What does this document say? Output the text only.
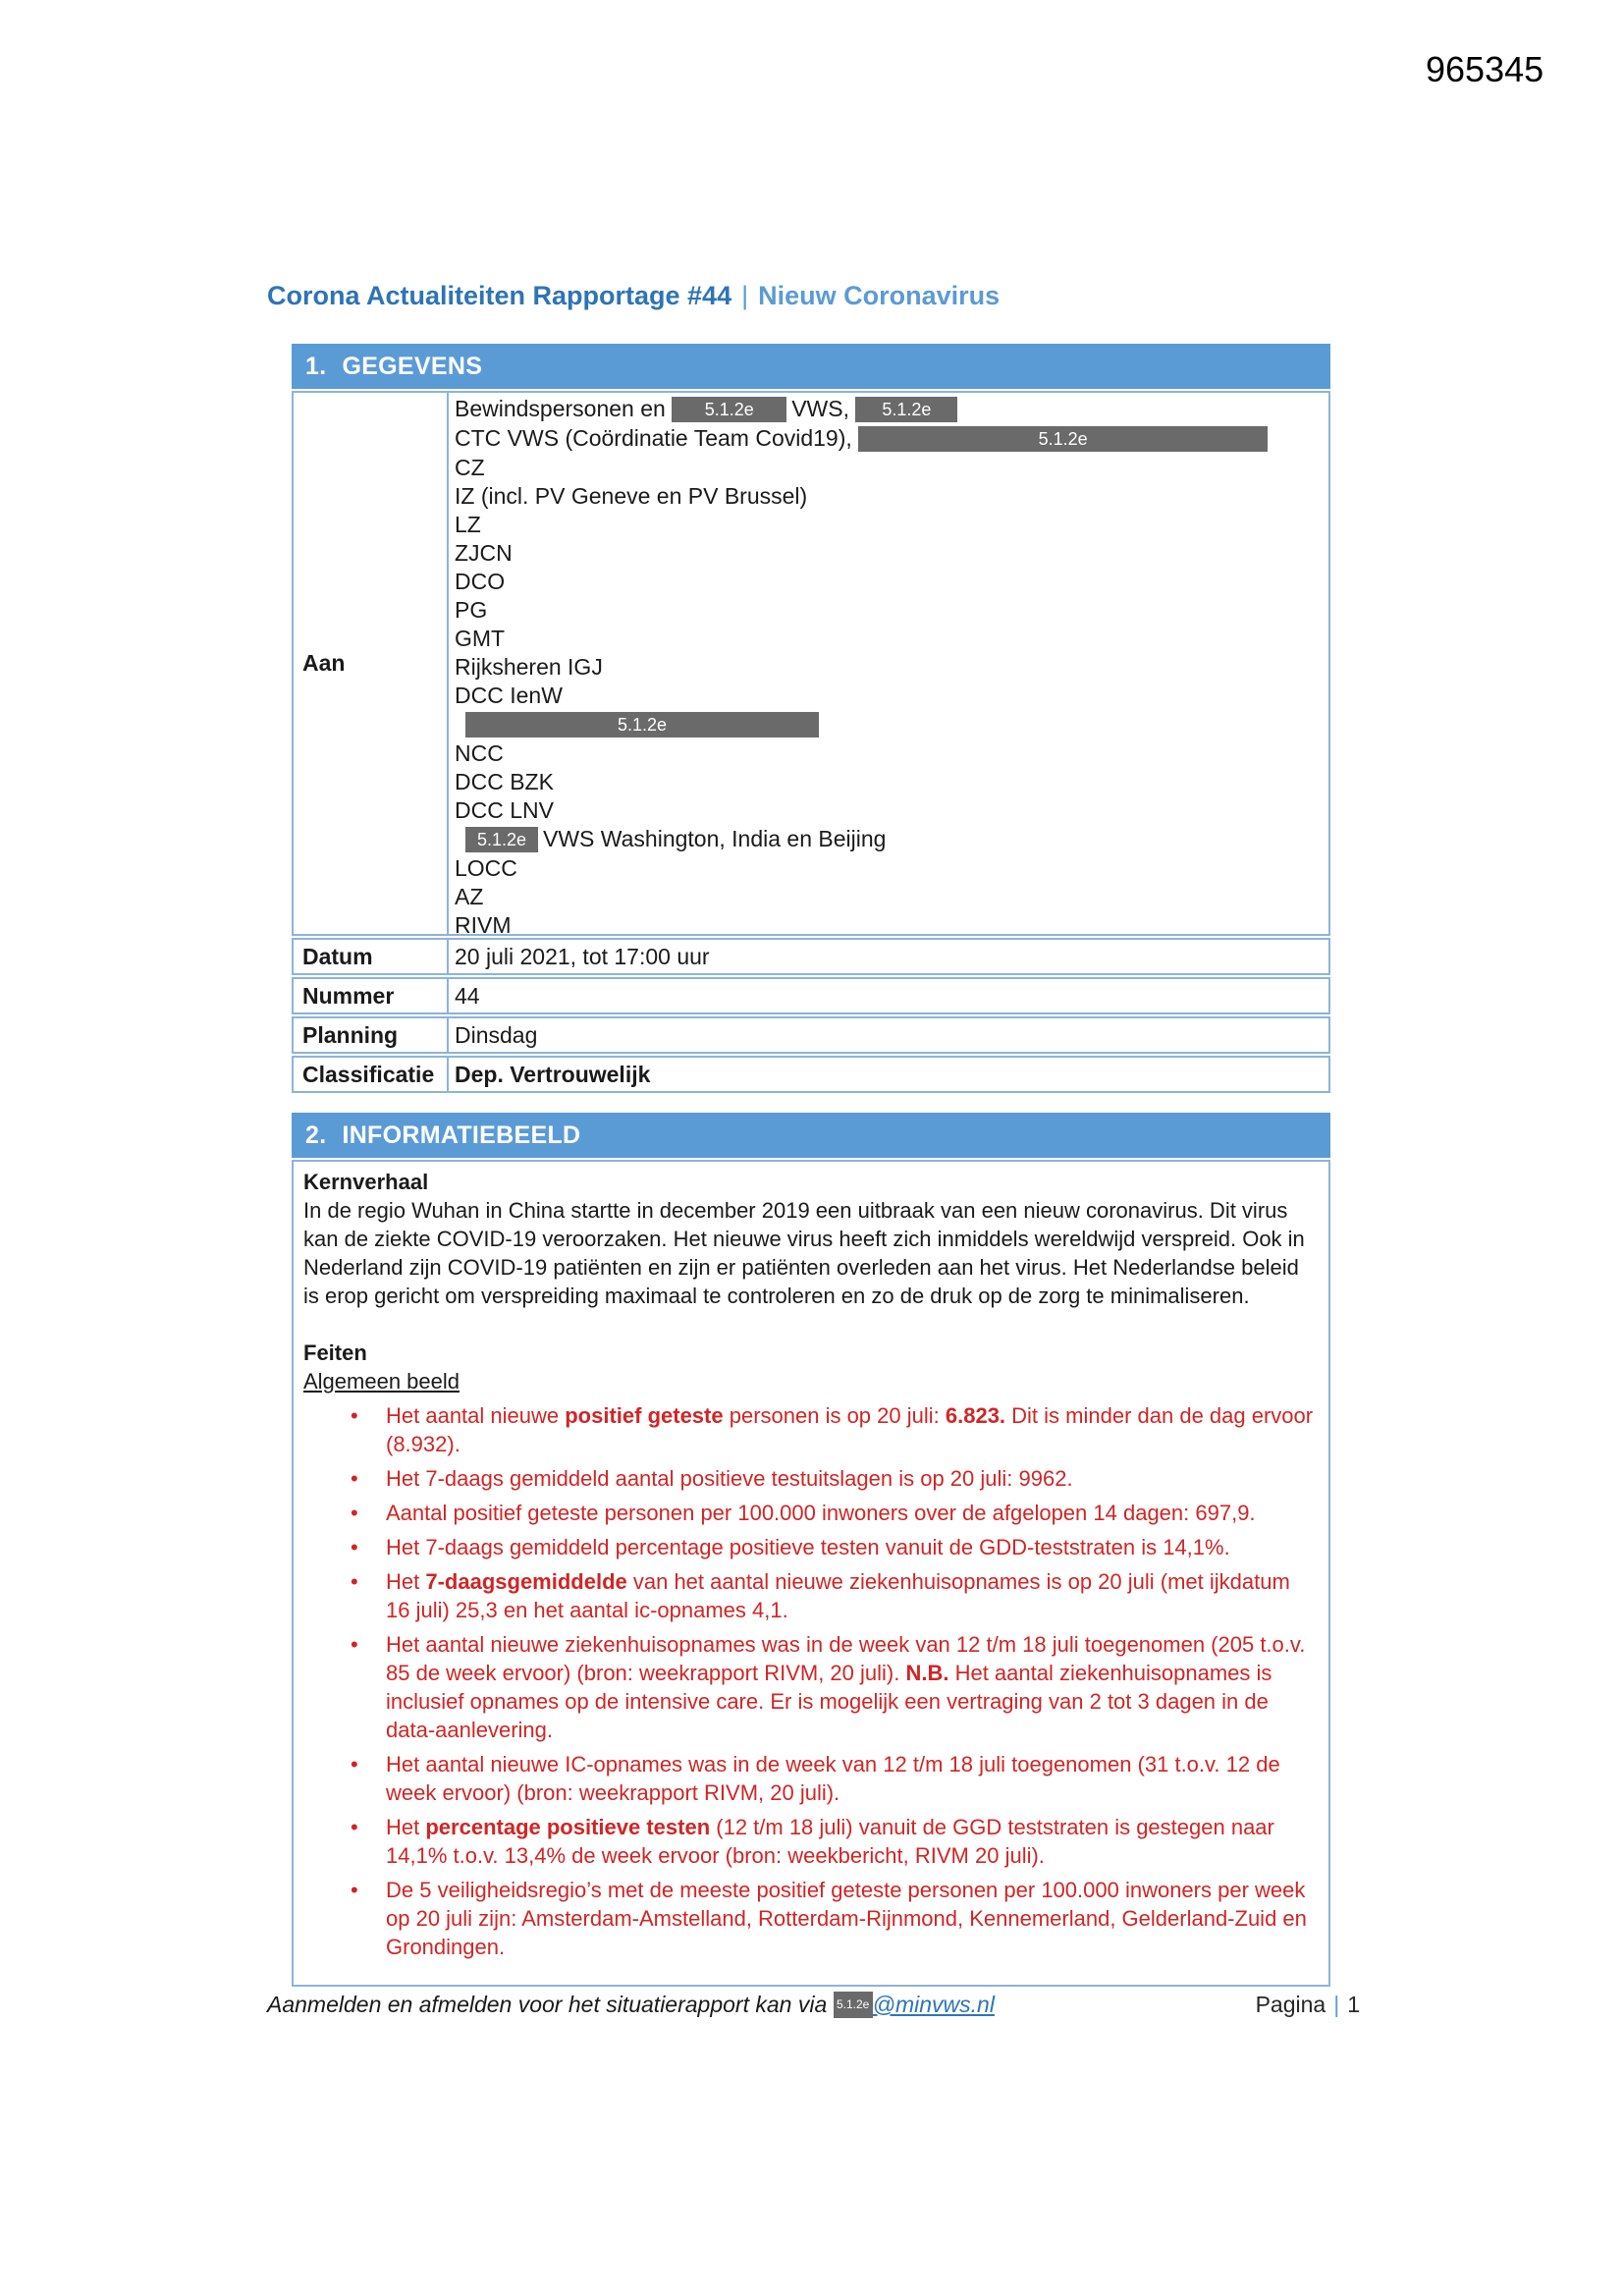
965345
Corona Actualiteiten Rapportage #44 | Nieuw Coronavirus
1. GEGEVENS
Aan
Bewindspersonen en 5.1.2e VWS, 5.1.2e
CTC VWS (Coördinatie Team Covid19),	5.1.2e
CZ
IZ (incl. PV Geneve en PV Brussel)
LZ
ZJCN
DCO
PG
GMT
Rijksheren IGJ
DCC IenW
5.1.2e
NCC
DCC BZK
DCC LNV
5.1.2e VWS Washington, India en Beijing
LOCC
AZ
RIVM
Datum	20 juli 2021, tot 17:00 uur
Nummer	44
Planning	Dinsdag
Classificatie Dep. Vertrouwelijk
2. INFORMATIEBEELD
Kernverhaal
In de regio Wuhan in China startte in december 2019 een uitbraak van een nieuw coronavirus. Dit virus kan de ziekte COVID-19 veroorzaken. Het nieuwe virus heeft zich inmiddels wereldwijd verspreid. Ook in Nederland zijn COVID-19 patiënten en zijn er patiënten overleden aan het virus. Het Nederlandse beleid is erop gericht om verspreiding maximaal te controleren en zo de druk op de zorg te minimaliseren.
Feiten
Algemeen beeld
•	Het aantal nieuwe positief geteste personen is op 20 juli: 6.823. Dit is minder dan de dag ervoor (8.932).
•	Het 7-daags gemiddeld aantal positieve testuitslagen is op 20 juli: 9962.
•	Aantal positief geteste personen per 100.000 inwoners over de afgelopen 14 dagen: 697,9.
•	Het 7-daags gemiddeld percentage positieve testen vanuit de GDD-teststraten is 14,1%.
•	Het 7-daagsgemiddelde van het aantal nieuwe ziekenhuisopnames is op 20 juli (met ijkdatum 16 juli) 25,3 en het aantal ic-opnames 4,1.
•	Het aantal nieuwe ziekenhuisopnames was in de week van 12 t/m 18 juli toegenomen (205 t.o.v. 85 de week ervoor) (bron: weekrapport RIVM, 20 juli). N.B. Het aantal ziekenhuisopnames is inclusief opnames op de intensive care. Er is mogelijk een vertraging van 2 tot 3 dagen in de data-aanlevering.
•	Het aantal nieuwe IC-opnames was in de week van 12 t/m 18 juli toegenomen (31 t.o.v. 12 de week ervoor) (bron: weekrapport RIVM, 20 juli).
•	Het percentage positieve testen (12 t/m 18 juli) vanuit de GGD teststraten is gestegen naar 14,1% t.o.v. 13,4% de week ervoor (bron: weekbericht, RIVM 20 juli).
•	De 5 veiligheidsregio’s met de meeste positief geteste personen per 100.000 inwoners per week op 20 juli zijn: Amsterdam-Amstelland, Rotterdam-Rijnmond, Kennemerland, Gelderland-Zuid en Grondingen.
Aanmelden en afmelden voor het situatierapport kan via 5.1.2e @minvws.nl	Pagina | 1
